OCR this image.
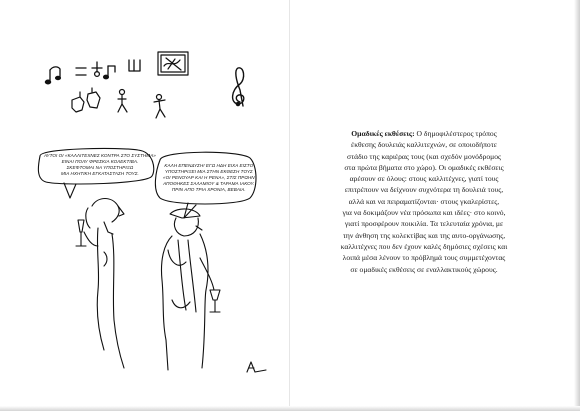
ΑΥΤΟΙ ΟΙ «ΚΑΛΛΙΤΕΧΝΕΣ ΚΟΝΤΡΑ ΣΤΟ ΣΥΣΤΗΜΑ»
ΕΙΝΑΙ ΠΟΛΥ ΦΡΕΣΚΙΑ ΚΟΛΕΚΤΙΒΑ.
ΣΚΕΦΤΟΜΑΙ ΝΑ ΥΠΟΣΤΗΡΙΞΩ
ΜΙΑ ΗΧΗΤΙΚΗ ΕΓΚΑΤΑΣΤΑΣΗ ΤΟΥΣ.
ΚΑΛΗ ΕΠΕΝΔΥΣΗ! ΕΓΩ ΗΔΗ ΕΙΧΑ ΕΙΣΤΟ
ΥΠΟΣΤΗΡΙΞΕΙ ΜΙΑ ΣΤΗΝ ΕΚΘΕΣΗ ΤΟΥΣ
«ΟΙ ΡΕΝΟΥΑΡ ΚΑΙ Η ΡΕΝΑ», ΣΤΙΣ ΠΡΩΗΝ
ΑΠΟΘΗΚΕΣ ΣΑΛΑΜΙΟΥ & ΤΑΡΑΜΑ ΙΑΚΟΥ.
ΠΡΙΝ ΑΠΟ ΤΡΙΑ ΧΡΟΝΙΑ, ΒΕΒΑΙΑ.
Ομαδικές εκθέσεις: Ο δημοφιλέστερος τρόπος
έκθεσης δουλειάς καλλιτεχνών, σε οποιοδήποτε
στάδιο της καριέρας τους (και σχεδόν μονόδρομος
στα πρώτα βήματα στο χώρο). Οι ομαδικές εκθέσεις
αρέσουν σε όλους: στους καλλιτέχνες, γιατί τους
επιτρέπουν να δείχνουν συχνότερα τη δουλειά τους,
αλλά και να πειραματίζονται· στους γκαλερίστες,
για να δοκιμάζουν νέα πρόσωπα και ιδέες· στο κοινό,
γιατί προσφέρουν ποικιλία. Τα τελευταία χρόνια, με
την άνθηση της κολεκτίβας και της αυτο-οργάνωσης,
καλλιτέχνες που δεν έχουν καλές δημόσιες σχέσεις και
λοιπά μέσα λένουν το πρόβλημά τους συμμετέχοντας
σε ομαδικές εκθέσεις σε εναλλακτικούς χώρους.
